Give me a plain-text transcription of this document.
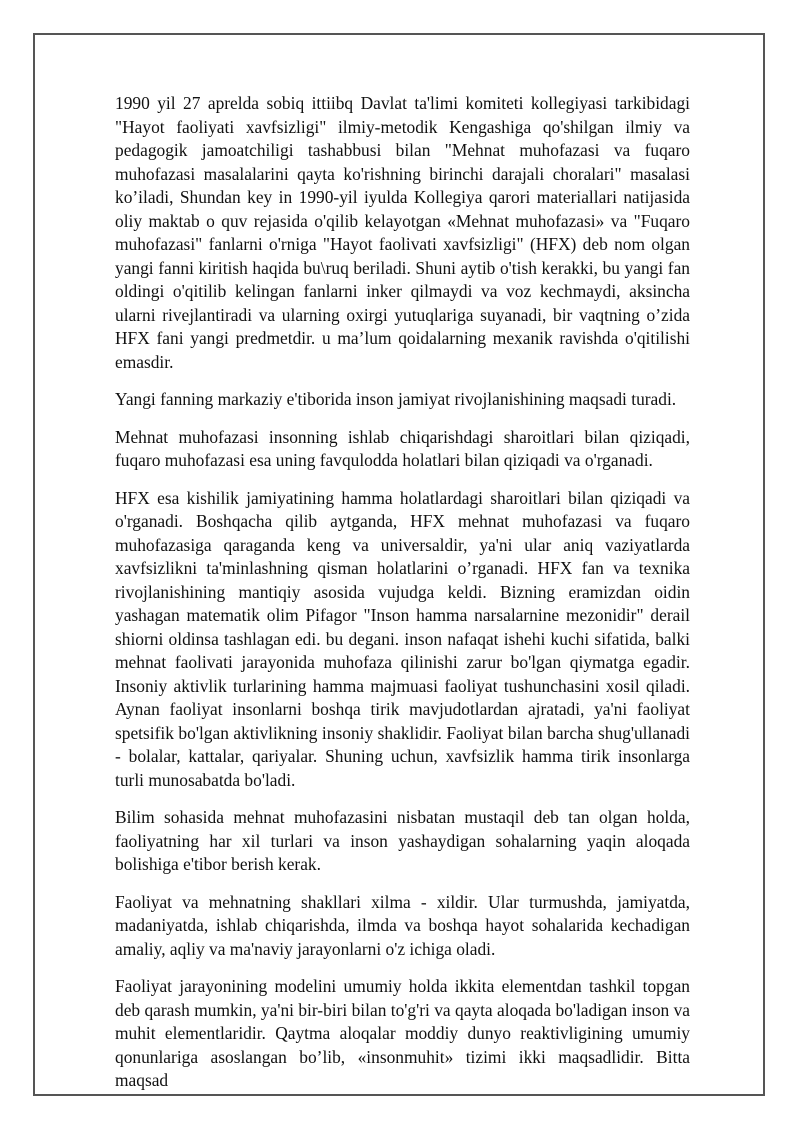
1990 yil 27 aprelda sobiq ittiibq Davlat ta'limi komiteti kollegiyasi tarkibidagi "Hayot faoliyati xavfsizligi" ilmiy-metodik Kengashiga qo'shilgan ilmiy va pedagogik jamoatchiligi tashabbusi bilan "Mehnat muhofazasi va fuqaro muhofazasi masalalarini qayta ko'rishning birinchi darajali choralari" masalasi ko’iladi, Shundan key in 1990-yil iyulda Kollegiya qarori materiallari natijasida oliy maktab o quv rejasida o'qilib kelayotgan «Mehnat muhofazasi» va "Fuqaro muhofazasi" fanlarni o'rniga "Hayot faolivati xavfsizligi" (HFX) deb nom olgan yangi fanni kiritish haqida bu\ruq beriladi. Shuni aytib o'tish kerakki, bu yangi fan oldingi o'qitilib kelingan fanlarni inker qilmaydi va voz kechmaydi, aksincha ularni rivejlantiradi va ularning oxirgi yutuqlariga suyanadi, bir vaqtning o’zida HFX fani yangi predmetdir. u ma’lum qoidalarning mexanik ravishda o'qitilishi emasdir.

Yangi fanning markaziy e'tiborida inson jamiyat rivojlanishining maqsadi turadi.

Mehnat muhofazasi insonning ishlab chiqarishdagi sharoitlari bilan qiziqadi, fuqaro muhofazasi esa uning favqulodda holatlari bilan qiziqadi va o'rganadi.

HFX esa kishilik jamiyatining hamma holatlardagi sharoitlari bilan qiziqadi va o'rganadi. Boshqacha qilib aytganda, HFX mehnat muhofazasi va fuqaro muhofazasiga qaraganda keng va universaldir, ya'ni ular aniq vaziyatlarda xavfsizlikni ta'minlashning qisman holatlarini o’rganadi. HFX fan va texnika rivojlanishining mantiqiy asosida vujudga keldi. Bizning eramizdan oidin yashagan matematik olim Pifagor "Inson hamma narsalarnine mezonidir" derail shiorni oldinsa tashlagan edi. bu degani. inson nafaqat ishehi kuchi sifatida, balki mehnat faolivati jarayonida muhofaza qilinishi zarur bo'lgan qiymatga egadir. Insoniy aktivlik turlarining hamma majmuasi faoliyat tushunchasini xosil qiladi. Aynan faoliyat insonlarni boshqa tirik mavjudotlardan ajratadi, ya'ni faoliyat spetsifik bo'lgan aktivlikning insoniy shaklidir. Faoliyat bilan barcha shug'ullanadi - bolalar, kattalar, qariyalar. Shuning uchun, xavfsizlik hamma tirik insonlarga turli munosabatda bo'ladi.

Bilim sohasida mehnat muhofazasini nisbatan mustaqil deb tan olgan holda, faoliyatning har xil turlari va inson yashaydigan sohalarning yaqin aloqada bolishiga e'tibor berish kerak.

Faoliyat va mehnatning shakllari xilma - xildir. Ular turmushda, jamiyatda, madaniyatda, ishlab chiqarishda, ilmda va boshqa hayot sohalarida kechadigan amaliy, aqliy va ma'naviy jarayonlarni o'z ichiga oladi.

Faoliyat jarayonining modelini umumiy holda ikkita elementdan tashkil topgan deb qarash mumkin, ya'ni bir-biri bilan to'g'ri va qayta aloqada bo'ladigan inson va muhit elementlaridir. Qaytma aloqalar moddiy dunyo reaktivligining umumiy qonunlariga asoslangan bo’lib, «insonmuhit» tizimi ikki maqsadlidir. Bitta maqsad
